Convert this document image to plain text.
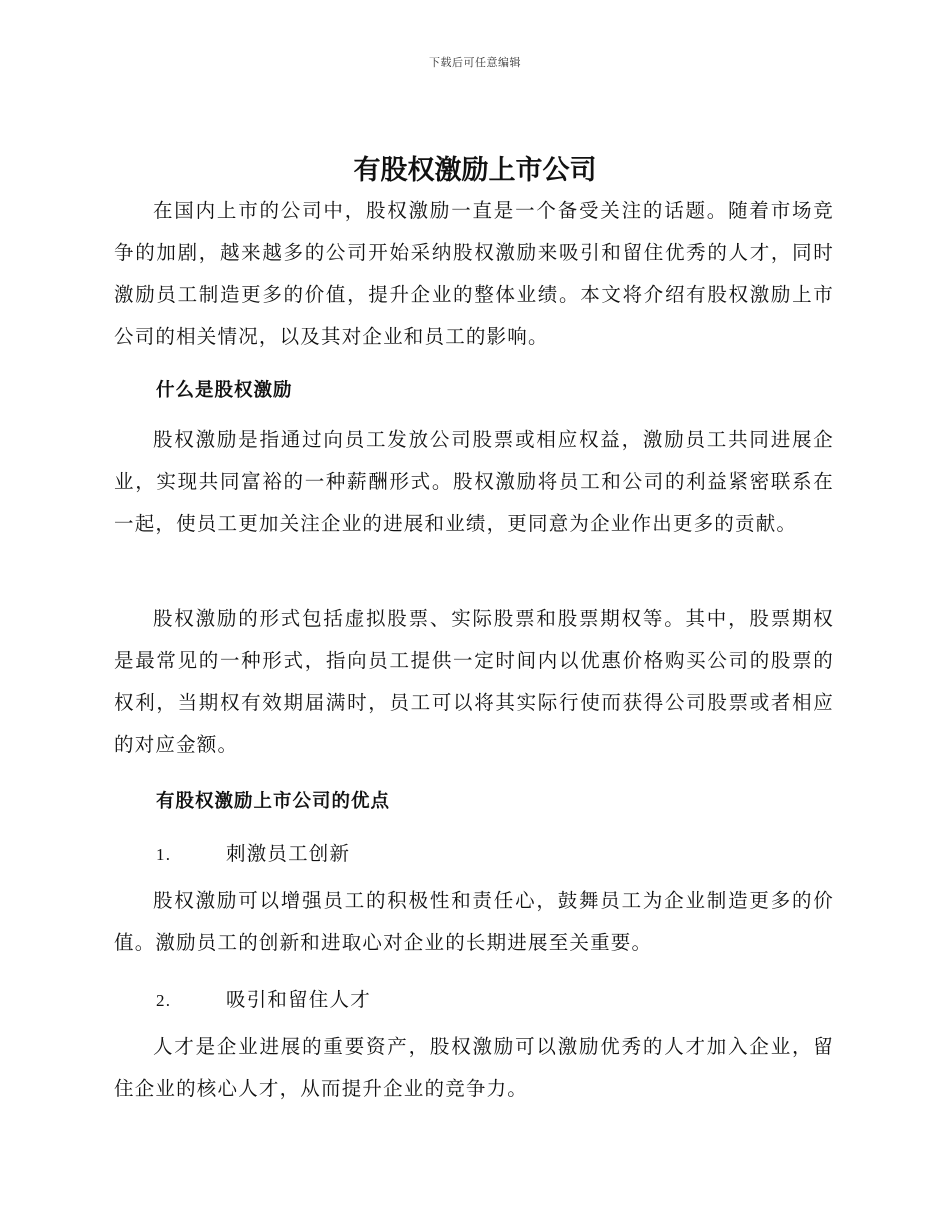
下载后可任意编辑
有股权激励上市公司

在国内上市的公司中，股权激励一直是一个备受关注的话题。随着市场竞争的加剧，越来越多的公司开始采纳股权激励来吸引和留住优秀的人才，同时激励员工制造更多的价值，提升企业的整体业绩。本文将介绍有股权激励上市公司的相关情况，以及其对企业和员工的影响。

什么是股权激励

股权激励是指通过向员工发放公司股票或相应权益，激励员工共同进展企业，实现共同富裕的一种薪酬形式。股权激励将员工和公司的利益紧密联系在一起，使员工更加关注企业的进展和业绩，更同意为企业作出更多的贡献。

股权激励的形式包括虚拟股票、实际股票和股票期权等。其中，股票期权是最常见的一种形式，指向员工提供一定时间内以优惠价格购买公司的股票的权利，当期权有效期届满时，员工可以将其实际行使而获得公司股票或者相应的对应金额。

有股权激励上市公司的优点
1.	刺激员工创新

股权激励可以增强员工的积极性和责任心，鼓舞员工为企业制造更多的价值。激励员工的创新和进取心对企业的长期进展至关重要。

2.	吸引和留住人才

人才是企业进展的重要资产，股权激励可以激励优秀的人才加入企业，留住企业的核心人才，从而提升企业的竞争力。
